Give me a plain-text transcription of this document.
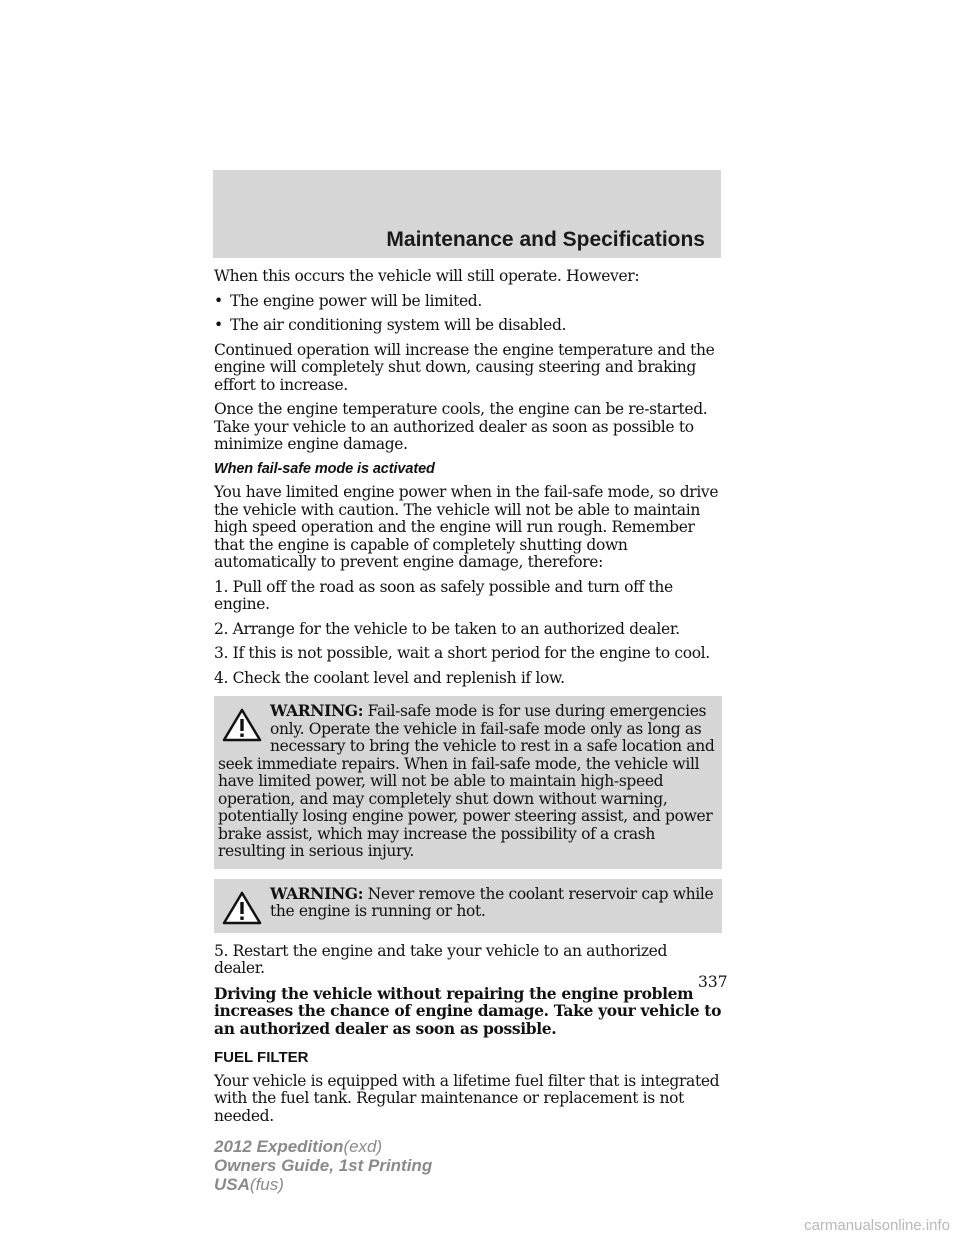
Maintenance and Specifications

When this occurs the vehicle will still operate. However:

• The engine power will be limited.
• The air conditioning system will be disabled.

Continued operation will increase the engine temperature and the engine will completely shut down, causing steering and braking effort to increase.

Once the engine temperature cools, the engine can be re-started. Take your vehicle to an authorized dealer as soon as possible to minimize engine damage.

When fail-safe mode is activated

You have limited engine power when in the fail-safe mode, so drive the vehicle with caution. The vehicle will not be able to maintain high speed operation and the engine will run rough. Remember that the engine is capable of completely shutting down automatically to prevent engine damage, therefore:

1. Pull off the road as soon as safely possible and turn off the engine.

2. Arrange for the vehicle to be taken to an authorized dealer.

3. If this is not possible, wait a short period for the engine to cool.

4. Check the coolant level and replenish if low.

WARNING: Fail-safe mode is for use during emergencies only. Operate the vehicle in fail-safe mode only as long as necessary to bring the vehicle to rest in a safe location and seek immediate repairs. When in fail-safe mode, the vehicle will have limited power, will not be able to maintain high-speed operation, and may completely shut down without warning, potentially losing engine power, power steering assist, and power brake assist, which may increase the possibility of a crash resulting in serious injury.
WARNING: Never remove the coolant reservoir cap while the engine is running or hot.

5. Restart the engine and take your vehicle to an authorized dealer.

Driving the vehicle without repairing the engine problem increases the chance of engine damage. Take your vehicle to an authorized dealer as soon as possible.

FUEL FILTER

Your vehicle is equipped with a lifetime fuel filter that is integrated with the fuel tank. Regular maintenance or replacement is not needed.

337
2012 Expedition(exd)
Owners Guide, 1st Printing
USA(fus)
carmanualsonline.info
